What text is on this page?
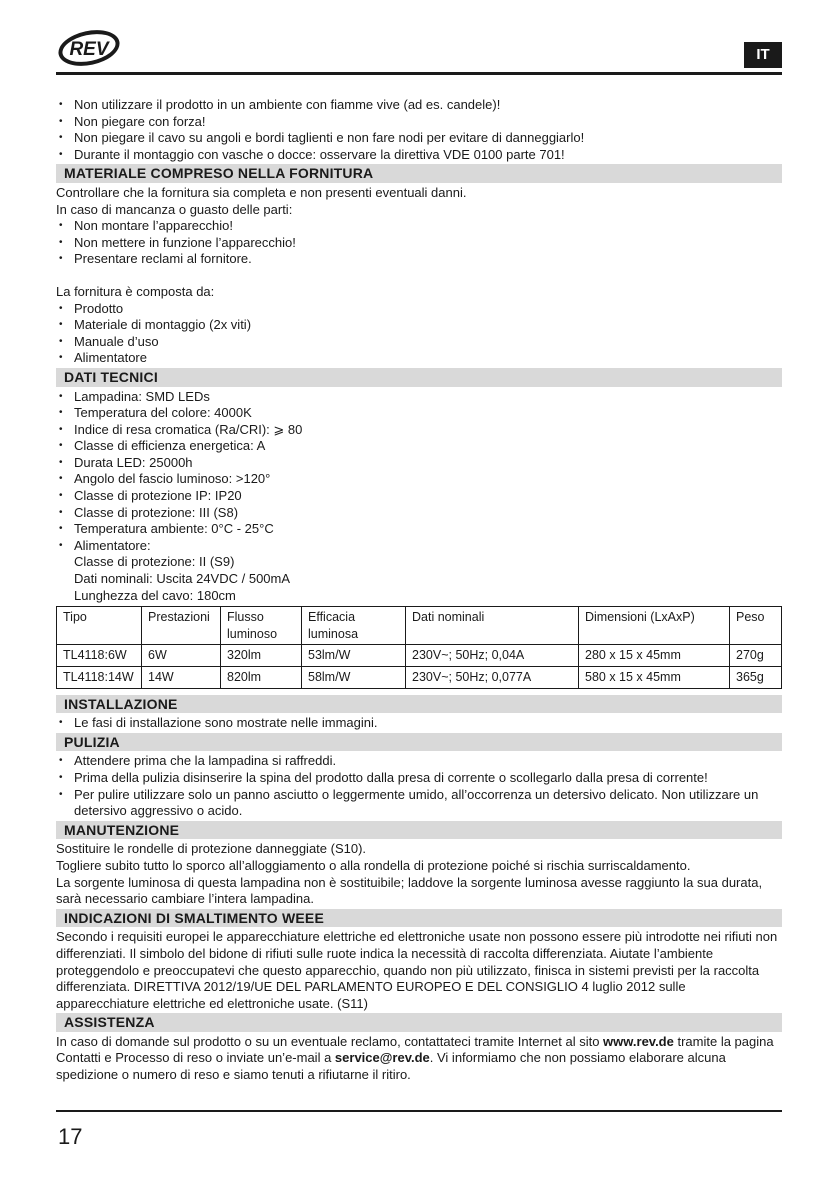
REV	IT
• Non utilizzare il prodotto in un ambiente con fiamme vive (ad es. candele)!
• Non piegare con forza!
• Non piegare il cavo su angoli e bordi taglienti e non fare nodi per evitare di danneggiarlo!
• Durante il montaggio con vasche o docce: osservare la direttiva VDE 0100 parte 701!
MATERIALE COMPRESO NELLA FORNITURA

Controllare che la fornitura sia completa e non presenti eventuali danni.

In caso di mancanza o guasto delle parti:

• Non montare l’apparecchio!
• Non mettere in funzione l’apparecchio!
• Presentare reclami al fornitore.

La fornitura è composta da:

• Prodotto
• Materiale di montaggio (2x viti)
• Manuale d’uso
• Alimentatore
DATI TECNICI
• Lampadina: SMD LEDs
• Temperatura del colore: 4000K
• Indice di resa cromatica (Ra/CRI): ⩾ 80
• Classe di efficienza energetica: A
• Durata LED: 25000h
• Angolo del fascio luminoso: >120°
• Classe di protezione IP: IP20
• Classe di protezione: III (S8)
• Temperatura ambiente: 0°C - 25°C
• Alimentatore:

Classe di protezione: II (S9)

Dati nominali: Uscita 24VDC / 500mA

Lunghezza del cavo: 180cm

Tipo	Prestazioni	Flusso luminoso	Efficacia luminosa	Dati nominali	Dimensioni (LxAxP)	Peso
TL4118:6W	6W	320lm	53lm/W	230V~; 50Hz; 0,04A	280 x 15 x 45mm	270g
TL4118:14W	14W	820lm	58lm/W	230V~; 50Hz; 0,077A	580 x 15 x 45mm	365g
INSTALLAZIONE
• Le fasi di installazione sono mostrate nelle immagini.
PULIZIA
• Attendere prima che la lampadina si raffreddi.
• Prima della pulizia disinserire la spina del prodotto dalla presa di corrente o scollegarlo dalla presa di corrente!
• Per pulire utilizzare solo un panno asciutto o leggermente umido, all’occorrenza un detersivo delicato. Non utilizzare un detersivo aggressivo o acido.
MANUTENZIONE

Sostituire le rondelle di protezione danneggiate (S10).

Togliere subito tutto lo sporco all’alloggiamento o alla rondella di protezione poiché si rischia surriscaldamento.

La sorgente luminosa di questa lampadina non è sostituibile; laddove la sorgente luminosa avesse raggiunto la sua durata, sarà necessario cambiare l’intera lampadina.

INDICAZIONI DI SMALTIMENTO WEEE

Secondo i requisiti europei le apparecchiature elettriche ed elettroniche usate non possono essere più introdotte nei rifiuti non differenziati. Il simbolo del bidone di rifiuti sulle ruote indica la necessità di raccolta differenziata. Aiutate l’ambiente proteggendolo e preoccupatevi che questo apparecchio, quando non più utilizzato, finisca in sistemi previsti per la raccolta differenziata. DIRETTIVA 2012/19/UE DEL PARLAMENTO EUROPEO E DEL CONSIGLIO 4 luglio 2012 sulle apparecchiature elettriche ed elettroniche usate. (S11)

ASSISTENZA

In caso di domande sul prodotto o su un eventuale reclamo, contattateci tramite Internet al sito www.rev.de tramite la pagina Contatti e Processo di reso o inviate un’e-mail a service@rev.de. Vi informiamo che non possiamo elaborare alcuna spedizione o numero di reso e siamo tenuti a rifiutarne il ritiro.

17
